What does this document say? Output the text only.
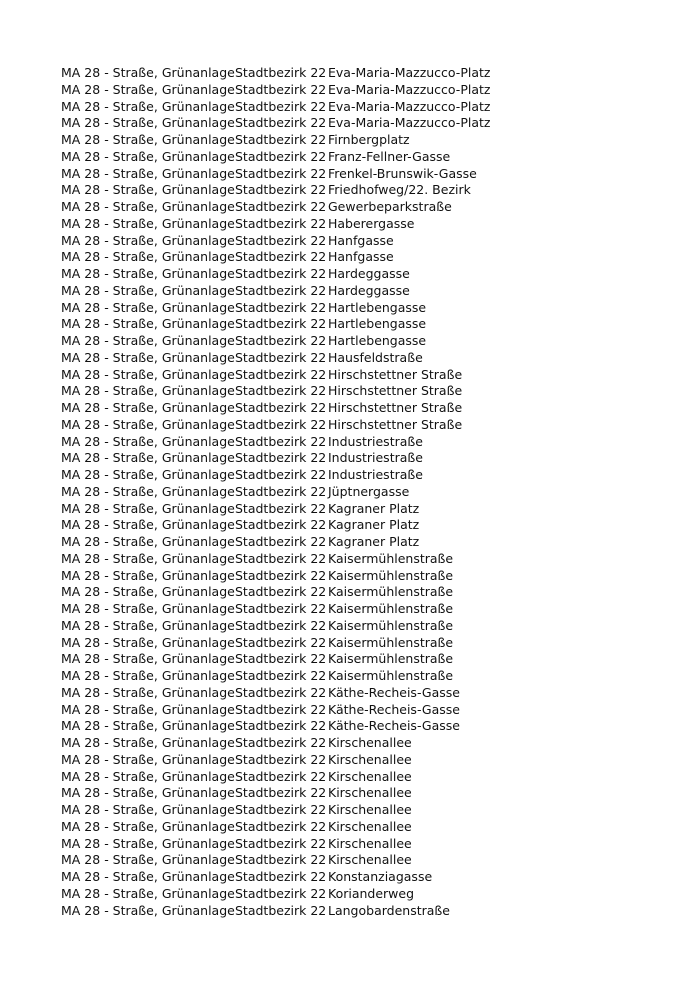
MA 28 - Straße, Grünanlage Stadtbezirk 22 Eva-Maria-Mazzucco-Platz
MA 28 - Straße, Grünanlage Stadtbezirk 22 Eva-Maria-Mazzucco-Platz
MA 28 - Straße, Grünanlage Stadtbezirk 22 Eva-Maria-Mazzucco-Platz
MA 28 - Straße, Grünanlage Stadtbezirk 22 Eva-Maria-Mazzucco-Platz
MA 28 - Straße, Grünanlage Stadtbezirk 22 Firnbergplatz
MA 28 - Straße, Grünanlage Stadtbezirk 22 Franz-Fellner-Gasse
MA 28 - Straße, Grünanlage Stadtbezirk 22 Frenkel-Brunswik-Gasse
MA 28 - Straße, Grünanlage Stadtbezirk 22 Friedhofweg/22. Bezirk
MA 28 - Straße, Grünanlage Stadtbezirk 22 Gewerbeparkstraße
MA 28 - Straße, Grünanlage Stadtbezirk 22 Haberergasse
MA 28 - Straße, Grünanlage Stadtbezirk 22 Hanfgasse
MA 28 - Straße, Grünanlage Stadtbezirk 22 Hanfgasse
MA 28 - Straße, Grünanlage Stadtbezirk 22 Hardeggasse
MA 28 - Straße, Grünanlage Stadtbezirk 22 Hardeggasse
MA 28 - Straße, Grünanlage Stadtbezirk 22 Hartlebengasse
MA 28 - Straße, Grünanlage Stadtbezirk 22 Hartlebengasse
MA 28 - Straße, Grünanlage Stadtbezirk 22 Hartlebengasse
MA 28 - Straße, Grünanlage Stadtbezirk 22 Hausfeldstraße
MA 28 - Straße, Grünanlage Stadtbezirk 22 Hirschstettner Straße
MA 28 - Straße, Grünanlage Stadtbezirk 22 Hirschstettner Straße
MA 28 - Straße, Grünanlage Stadtbezirk 22 Hirschstettner Straße
MA 28 - Straße, Grünanlage Stadtbezirk 22 Hirschstettner Straße
MA 28 - Straße, Grünanlage Stadtbezirk 22 Industriestraße
MA 28 - Straße, Grünanlage Stadtbezirk 22 Industriestraße
MA 28 - Straße, Grünanlage Stadtbezirk 22 Industriestraße
MA 28 - Straße, Grünanlage Stadtbezirk 22 Jüptnergasse
MA 28 - Straße, Grünanlage Stadtbezirk 22 Kagraner Platz
MA 28 - Straße, Grünanlage Stadtbezirk 22 Kagraner Platz
MA 28 - Straße, Grünanlage Stadtbezirk 22 Kagraner Platz
MA 28 - Straße, Grünanlage Stadtbezirk 22 Kaisermühlenstraße
MA 28 - Straße, Grünanlage Stadtbezirk 22 Kaisermühlenstraße
MA 28 - Straße, Grünanlage Stadtbezirk 22 Kaisermühlenstraße
MA 28 - Straße, Grünanlage Stadtbezirk 22 Kaisermühlenstraße
MA 28 - Straße, Grünanlage Stadtbezirk 22 Kaisermühlenstraße
MA 28 - Straße, Grünanlage Stadtbezirk 22 Kaisermühlenstraße
MA 28 - Straße, Grünanlage Stadtbezirk 22 Kaisermühlenstraße
MA 28 - Straße, Grünanlage Stadtbezirk 22 Kaisermühlenstraße
MA 28 - Straße, Grünanlage Stadtbezirk 22 Käthe-Recheis-Gasse
MA 28 - Straße, Grünanlage Stadtbezirk 22 Käthe-Recheis-Gasse
MA 28 - Straße, Grünanlage Stadtbezirk 22 Käthe-Recheis-Gasse
MA 28 - Straße, Grünanlage Stadtbezirk 22 Kirschenallee
MA 28 - Straße, Grünanlage Stadtbezirk 22 Kirschenallee
MA 28 - Straße, Grünanlage Stadtbezirk 22 Kirschenallee
MA 28 - Straße, Grünanlage Stadtbezirk 22 Kirschenallee
MA 28 - Straße, Grünanlage Stadtbezirk 22 Kirschenallee
MA 28 - Straße, Grünanlage Stadtbezirk 22 Kirschenallee
MA 28 - Straße, Grünanlage Stadtbezirk 22 Kirschenallee
MA 28 - Straße, Grünanlage Stadtbezirk 22 Kirschenallee
MA 28 - Straße, Grünanlage Stadtbezirk 22 Konstanziagasse
MA 28 - Straße, Grünanlage Stadtbezirk 22 Korianderweg
MA 28 - Straße, Grünanlage Stadtbezirk 22 Langobardenstraße
